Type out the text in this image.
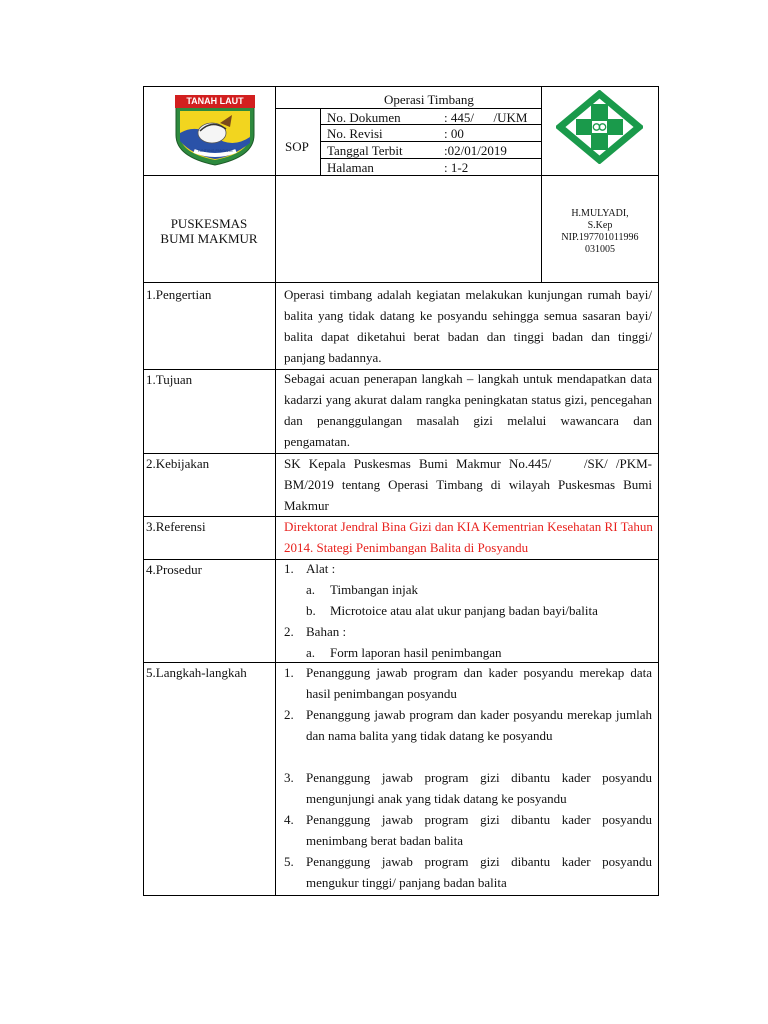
TANAH LAUT
TUNTUNG PANDANG
Operasi Timbang
SOP
No. Dokumen	: 445/      /UKM
No. Revisi	: 00
Tanggal Terbit	:02/01/2019
Halaman	: 1-2
PUSKESMAS
BUMI MAKMUR
H.MULYADI,
S.Kep
NIP.197701011996
031005
1.Pengertian	Operasi timbang adalah kegiatan melakukan kunjungan rumah bayi/ balita yang tidak datang ke posyandu sehingga semua sasaran bayi/ balita dapat diketahui berat badan dan tinggi badan dan tinggi/ panjang badannya.
1.Tujuan	Sebagai acuan penerapan langkah – langkah untuk mendapatkan data kadarzi yang akurat dalam rangka peningkatan status gizi, pencegahan dan penanggulangan masalah gizi melalui wawancara dan pengamatan.
2.Kebijakan	SK Kepala Puskesmas Bumi Makmur No.445/    /SK/ /PKM-BM/2019 tentang Operasi Timbang di wilayah Puskesmas Bumi Makmur
3.Referensi	Direktorat Jendral Bina Gizi dan KIA Kementrian Kesehatan RI Tahun 2014. Stategi Penimbangan Balita di Posyandu
4.Prosedur	1. Alat :
a. Timbangan injak
b. Microtoice atau alat ukur panjang badan bayi/balita
2. Bahan :
a. Form laporan hasil penimbangan
5.Langkah-langkah	1. Penanggung jawab program dan kader posyandu merekap data hasil penimbangan posyandu
2. Penanggung jawab program dan kader posyandu merekap jumlah dan nama balita yang tidak datang ke posyandu
3. Penanggung jawab program gizi dibantu kader posyandu mengunjungi anak yang tidak datang ke posyandu
4. Penanggung jawab program gizi dibantu kader posyandu menimbang berat badan balita
5. Penanggung jawab program gizi dibantu kader posyandu mengukur tinggi/ panjang badan balita
